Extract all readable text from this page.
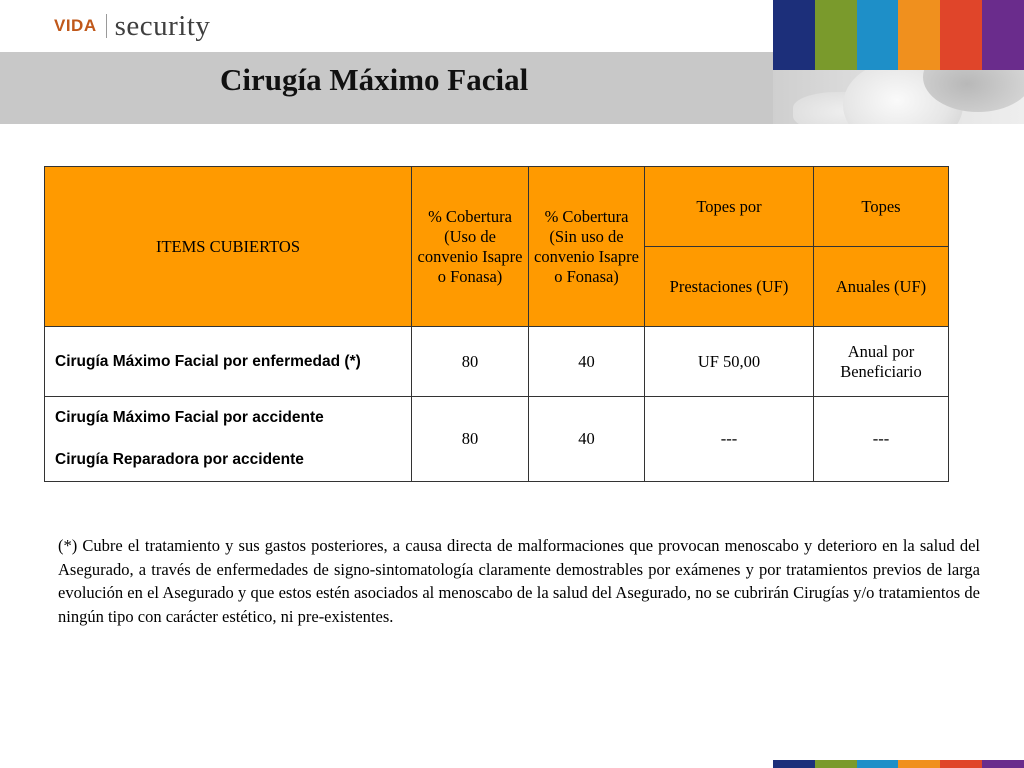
VIDA security
Cirugía Máximo Facial
ITEMS CUBIERTOS	% Cobertura (Uso de convenio Isapre o Fonasa)	% Cobertura (Sin uso de convenio Isapre o Fonasa)	Topes por	Topes
			Prestaciones (UF)	Anuales (UF)

Cirugía Máximo Facial por enfermedad (*)	80	40	UF 50,00	Anual por Beneficiario

Cirugía Máximo Facial por accidente
Cirugía Reparadora por accidente	80	40	---	---

(*) Cubre el tratamiento y sus gastos posteriores, a causa directa de malformaciones que provocan menoscabo y deterioro en la salud del Asegurado, a través de enfermedades de signo-sintomatología claramente demostrables por exámenes y por tratamientos previos de larga evolución en el Asegurado y que estos estén asociados al menoscabo de la salud del Asegurado, no se cubrirán Cirugías y/o tratamientos de ningún tipo con carácter estético, ni pre-existentes.
